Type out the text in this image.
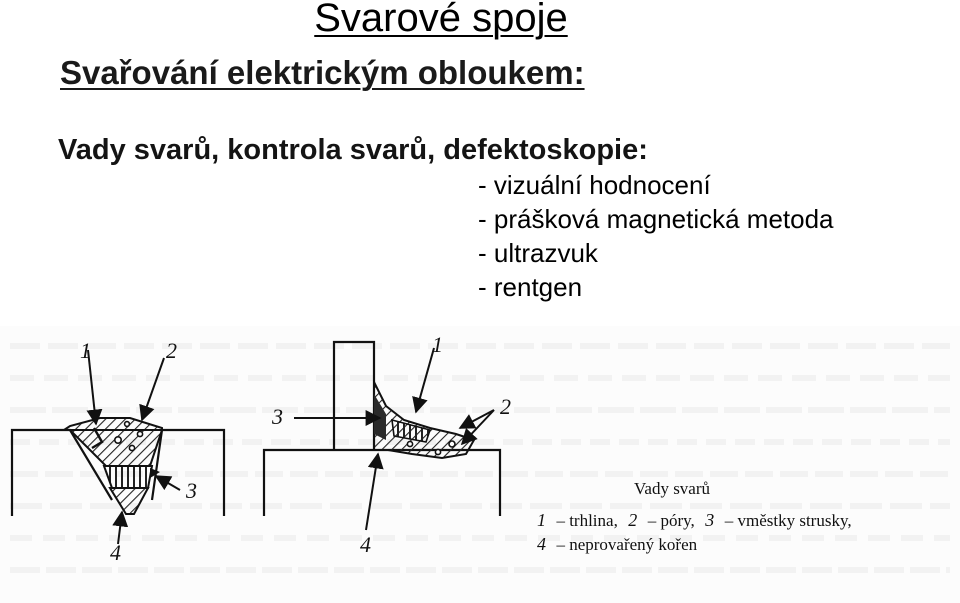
Svarové spoje
Svařování elektrickým obloukem:
Vady svarů, kontrola svarů, defektoskopie:
- vizuální hodnocení
- prášková magnetická metoda
- ultrazvuk
- rentgen
1	2
3
4
1
2
3
4
Vady svarů
1 – trhlina, 2 – póry, 3 – vměstky strusky,
4 – neprovařený kořen
